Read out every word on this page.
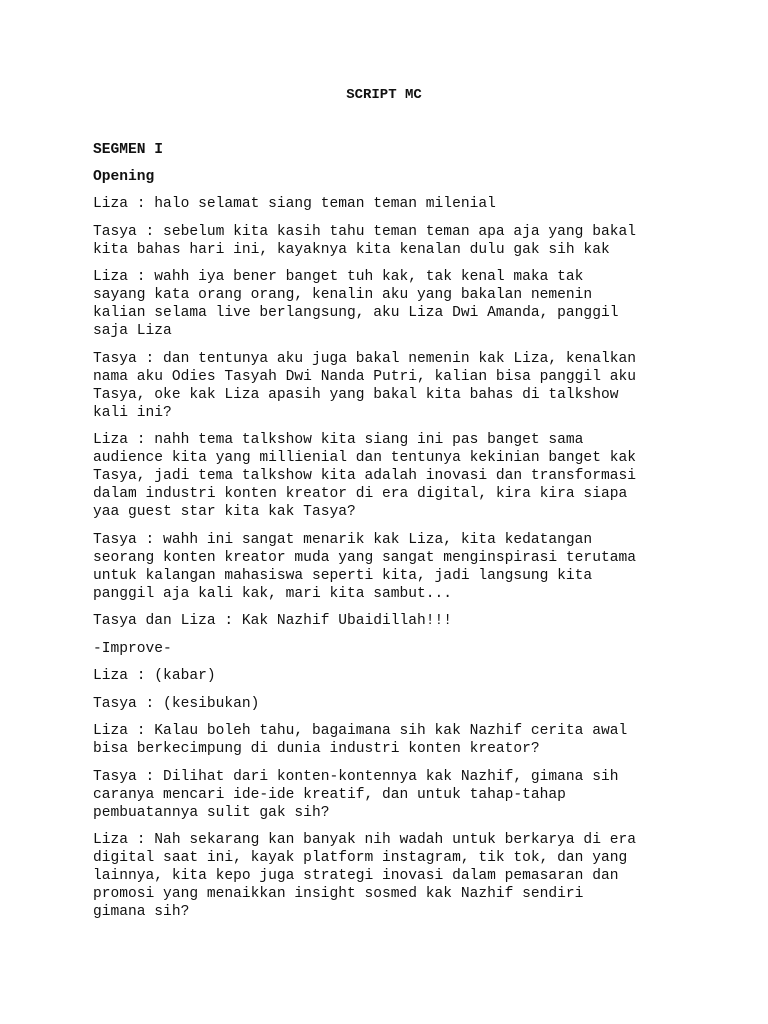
SCRIPT MC

SEGMEN I

Opening

Liza : halo selamat siang teman teman milenial

Tasya : sebelum kita kasih tahu teman teman apa aja yang bakal
kita bahas hari ini, kayaknya kita kenalan dulu gak sih kak

Liza : wahh iya bener banget tuh kak, tak kenal maka tak
sayang kata orang orang, kenalin aku yang bakalan nemenin
kalian selama live berlangsung, aku Liza Dwi Amanda, panggil
saja Liza

Tasya : dan tentunya aku juga bakal nemenin kak Liza, kenalkan
nama aku Odies Tasyah Dwi Nanda Putri, kalian bisa panggil aku
Tasya, oke kak Liza apasih yang bakal kita bahas di talkshow
kali ini?

Liza : nahh tema talkshow kita siang ini pas banget sama
audience kita yang millienial dan tentunya kekinian banget kak
Tasya, jadi tema talkshow kita adalah inovasi dan transformasi
dalam industri konten kreator di era digital, kira kira siapa
yaa guest star kita kak Tasya?

Tasya : wahh ini sangat menarik kak Liza, kita kedatangan
seorang konten kreator muda yang sangat menginspirasi terutama
untuk kalangan mahasiswa seperti kita, jadi langsung kita
panggil aja kali kak, mari kita sambut...

Tasya dan Liza : Kak Nazhif Ubaidillah!!!

-Improve-

Liza : (kabar)

Tasya : (kesibukan)

Liza : Kalau boleh tahu, bagaimana sih kak Nazhif cerita awal
bisa berkecimpung di dunia industri konten kreator?

Tasya : Dilihat dari konten-kontennya kak Nazhif, gimana sih
caranya mencari ide-ide kreatif, dan untuk tahap-tahap
pembuatannya sulit gak sih?

Liza : Nah sekarang kan banyak nih wadah untuk berkarya di era
digital saat ini, kayak platform instagram, tik tok, dan yang
lainnya, kita kepo juga strategi inovasi dalam pemasaran dan
promosi yang menaikkan insight sosmed kak Nazhif sendiri
gimana sih?
